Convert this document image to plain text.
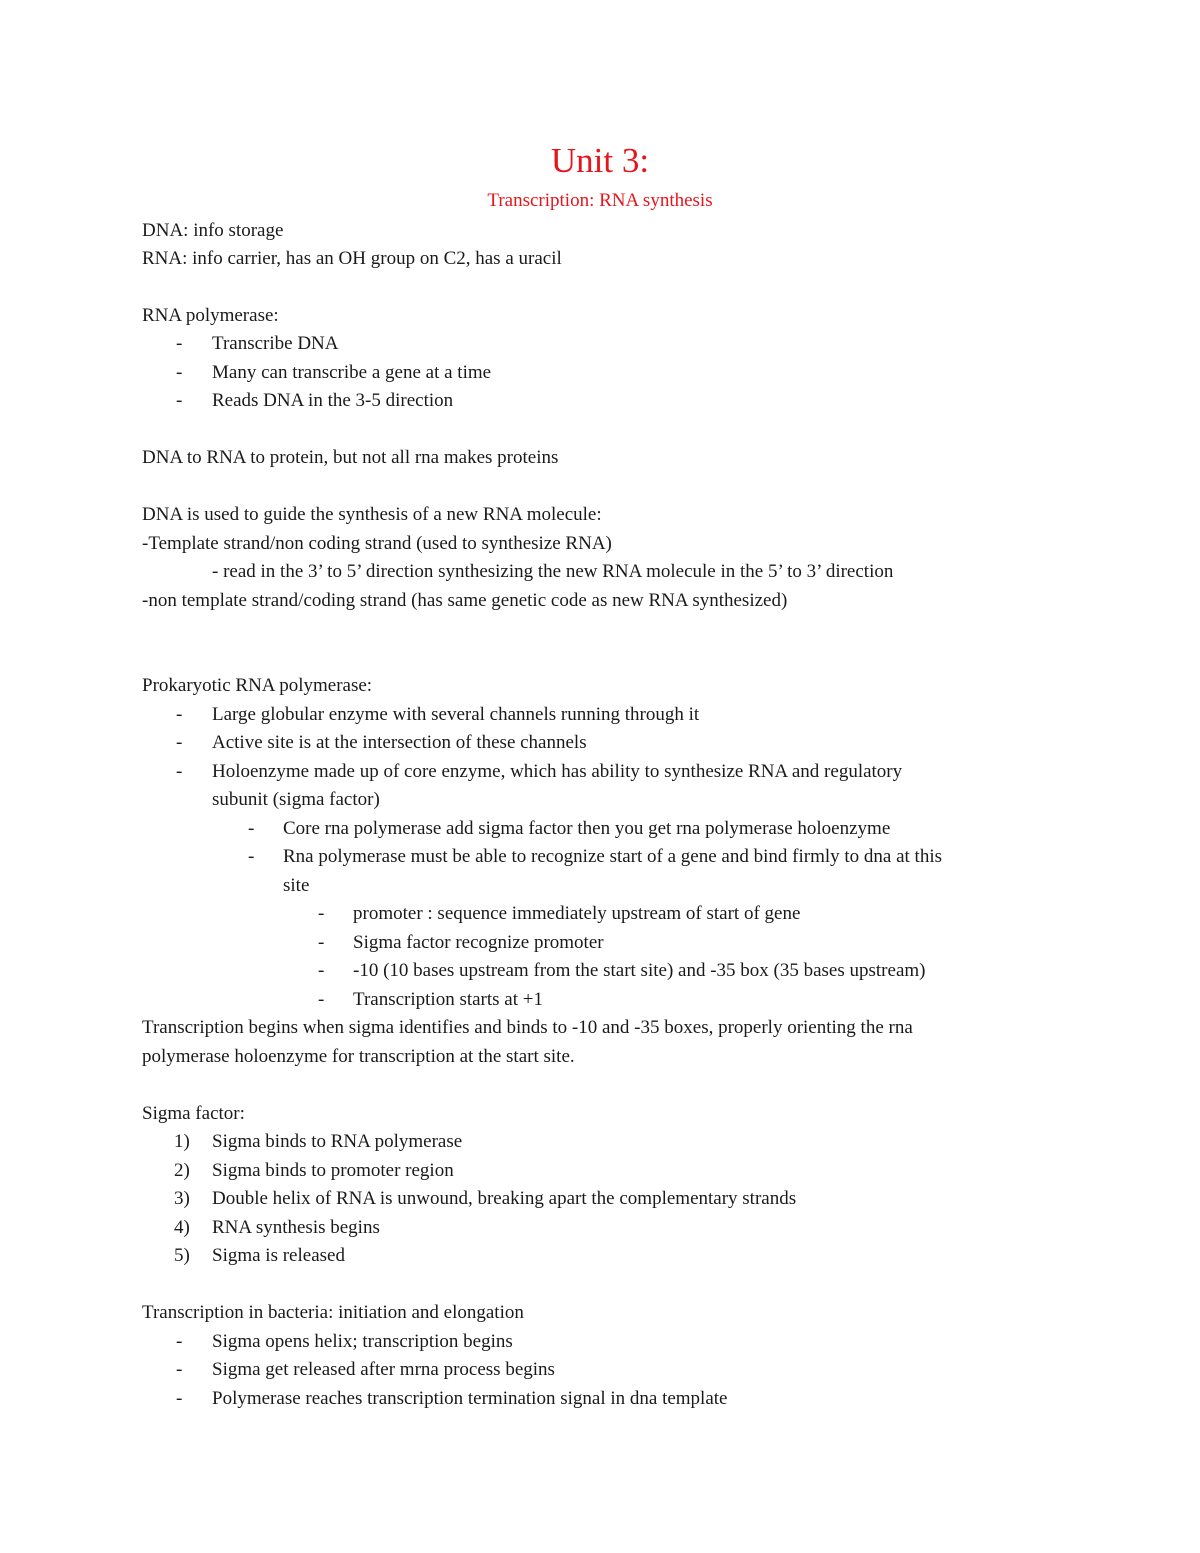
Unit 3:
Transcription: RNA synthesis
DNA: info storage
RNA: info carrier, has an OH group on C2, has a uracil
RNA polymerase:
- Transcribe DNA
- Many can transcribe a gene at a time
- Reads DNA in the 3-5 direction
DNA to RNA to protein, but not all rna makes proteins
DNA is used to guide the synthesis of a new RNA molecule:
-Template strand/non coding strand (used to synthesize RNA)
- read in the 3’ to 5’ direction synthesizing the new RNA molecule in the 5’ to 3’ direction
-non template strand/coding strand (has same genetic code as new RNA synthesized)
Prokaryotic RNA polymerase:
- Large globular enzyme with several channels running through it
- Active site is at the intersection of these channels
- Holoenzyme made up of core enzyme, which has ability to synthesize RNA and regulatory
subunit (sigma factor)
- Core rna polymerase add sigma factor then you get rna polymerase holoenzyme
- Rna polymerase must be able to recognize start of a gene and bind firmly to dna at this
site
- promoter : sequence immediately upstream of start of gene
- Sigma factor recognize promoter
- -10 (10 bases upstream from the start site) and -35 box (35 bases upstream)
- Transcription starts at +1
Transcription begins when sigma identifies and binds to -10 and -35 boxes, properly orienting the rna
polymerase holoenzyme for transcription at the start site.
Sigma factor:
1) Sigma binds to RNA polymerase
2) Sigma binds to promoter region
3) Double helix of RNA is unwound, breaking apart the complementary strands
4) RNA synthesis begins
5) Sigma is released
Transcription in bacteria: initiation and elongation
- Sigma opens helix; transcription begins
- Sigma get released after mrna process begins
- Polymerase reaches transcription termination signal in dna template
